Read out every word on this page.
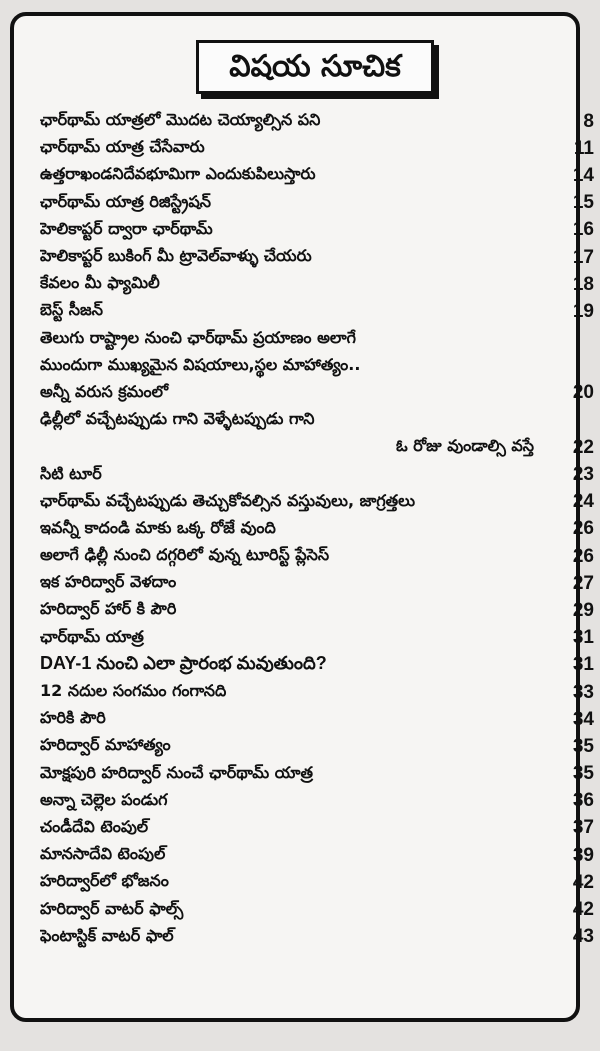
విషయ సూచిక
ఛార్‌థామ్ యాత్రలో మొదట చెయ్యాల్సిన పని	8
ఛార్‌థామ్ యాత్ర చేసేవారు	11
ఉత్తరాఖండనిదేవభూమిగా ఎందుకుపిలుస్తారు	14
ఛార్‌థామ్ యాత్ర రిజిస్ట్రేషన్	15
హెలికాప్టర్ ద్వారా ఛార్‌థామ్	16
హెలికాప్టర్ బుకింగ్ మీ ట్రావెల్‌వాళ్ళు చేయరు	17
కేవలం మీ ఫ్యామిలీ	18
బెస్ట్ సీజన్	19
తెలుగు రాష్ట్రాల నుంచి ఛార్‌థామ్ ప్రయాణం అలాగే
ముందుగా ముఖ్యమైన విషయాలు,స్థల మాహాత్యం..
అన్నీ వరుస క్రమంలో	20
ఢిల్లీలో వచ్చేటప్పుడు గాని వెళ్ళేటప్పుడు గాని
ఓ రోజు వుండాల్సి వస్తే	22
సిటి టూర్	23
ఛార్‌థామ్ వచ్చేటప్పుడు తెచ్చుకోవల్సిన వస్తువులు, జాగ్రత్తలు	24
ఇవన్నీ కాదండి మాకు ఒక్క రోజే వుంది	26
అలాగే ఢిల్లీ నుంచి దగ్గరిలో వున్న టూరిస్ట్ ప్లేసెస్	26
ఇక హరిద్వార్ వెళదాం	27
హరిద్వార్ హార్ కి పౌరి	29
ఛార్‌థామ్ యాత్ర	31
DAY-1 నుంచి ఎలా ప్రారంభ మవుతుంది?	31
12 నదుల సంగమం గంగానది	33
హరికి పౌరి	34
హరిద్వార్ మాహాత్యం	35
మోక్షపురి హరిద్వార్ నుంచే ఛార్‌థామ్ యాత్ర	35
అన్నా చెల్లెల పండుగ	36
చండీదేవి టెంపుల్	37
మానసాదేవి టెంపుల్	39
హరిద్వార్‌లో భోజనం	42
హరిద్వార్ వాటర్ ఫాల్స్	42
ఫెంటాస్టిక్ వాటర్ ఫాల్	43
